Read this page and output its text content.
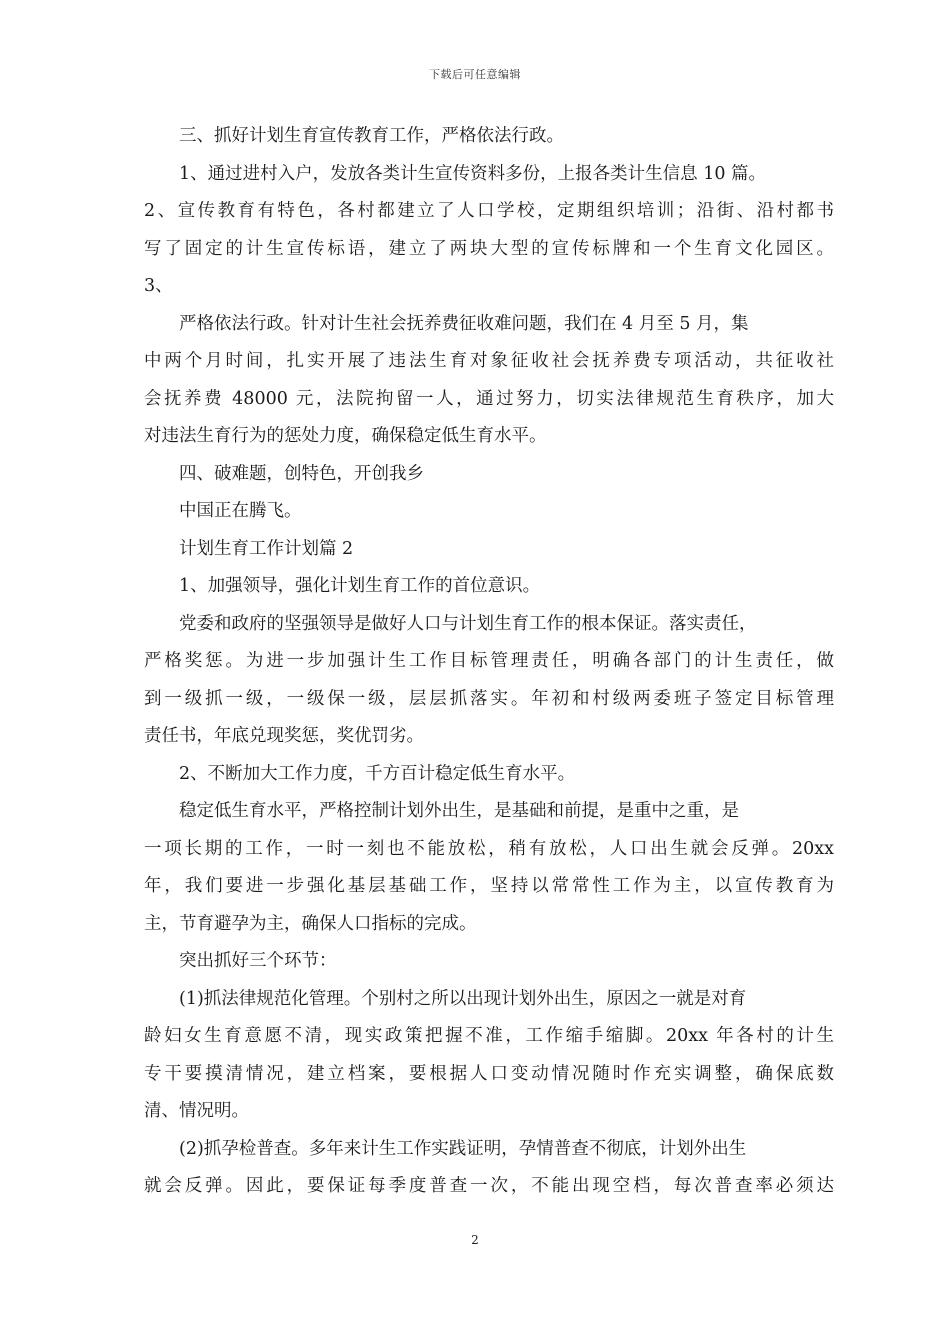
下载后可任意编辑
三、抓好计划生育宣传教育工作，严格依法行政。
1、通过进村入户，发放各类计生宣传资料多份，上报各类计生信息 10 篇。
2、宣传教育有特色，各村都建立了人口学校，定期组织培训；沿街、沿村都书
写了固定的计生宣传标语，建立了两块大型的宣传标牌和一个生育文化园区。
3、
严格依法行政。针对计生社会抚养费征收难问题，我们在 4 月至 5 月，集
中两个月时间，扎实开展了违法生育对象征收社会抚养费专项活动，共征收社
会抚养费 48000 元，法院拘留一人，通过努力，切实法律规范生育秩序，加大
对违法生育行为的惩处力度，确保稳定低生育水平。
四、破难题，创特色，开创我乡
中国正在腾飞。
计划生育工作计划篇 2
1、加强领导，强化计划生育工作的首位意识。
党委和政府的坚强领导是做好人口与计划生育工作的根本保证。落实责任，
严格奖惩。为进一步加强计生工作目标管理责任，明确各部门的计生责任，做
到一级抓一级，一级保一级，层层抓落实。年初和村级两委班子签定目标管理
责任书，年底兑现奖惩，奖优罚劣。
2、不断加大工作力度，千方百计稳定低生育水平。
稳定低生育水平，严格控制计划外出生，是基础和前提，是重中之重，是
一项长期的工作，一时一刻也不能放松，稍有放松，人口出生就会反弹。20xx
年，我们要进一步强化基层基础工作，坚持以常常性工作为主，以宣传教育为
主，节育避孕为主，确保人口指标的完成。
突出抓好三个环节：
(1)抓法律规范化管理。个别村之所以出现计划外出生，原因之一就是对育
龄妇女生育意愿不清，现实政策把握不准，工作缩手缩脚。20xx 年各村的计生
专干要摸清情况，建立档案，要根据人口变动情况随时作充实调整，确保底数
清、情况明。
(2)抓孕检普查。多年来计生工作实践证明，孕情普查不彻底，计划外出生
就会反弹。因此，要保证每季度普查一次，不能出现空档，每次普查率必须达
2
